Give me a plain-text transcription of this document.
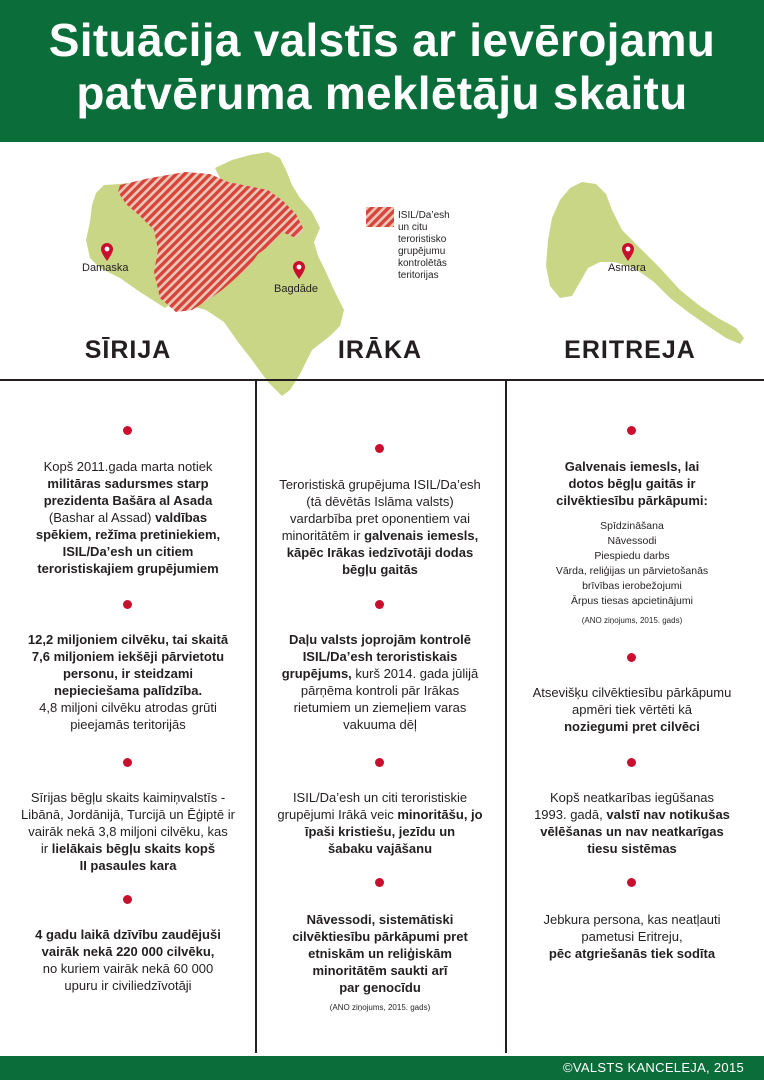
Situācija valstīs ar ievērojamu
patvēruma meklētāju skaitu
Damaska
Bagdāde
Asmara
ISIL/Da’esh
un citu
teroristisko
grupējumu
kontrolētās
teritorijas
SĪRIJA	IRĀKA	ERITREJA
Kopš 2011.gada marta notiek
militāras sadursmes starp
prezidenta Bašāra al Asada
(Bashar al Assad) valdības
spēkiem, režīma pretiniekiem,
ISIL/Da’esh un citiem
teroristiskajiem grupējumiem
12,2 miljoniem cilvēku, tai skaitā
7,6 miljoniem iekšēji pārvietotu
personu, ir steidzami
nepieciešama palīdzība.
4,8 miljoni cilvēku atrodas grūti
pieejamās teritorijās
Sīrijas bēgļu skaits kaimiņvalstīs -
Libānā, Jordānijā, Turcijā un Ēģiptē ir
vairāk nekā 3,8 miljoni cilvēku, kas
ir lielākais bēgļu skaits kopš
II pasaules kara
4 gadu laikā dzīvību zaudējuši
vairāk nekā 220 000 cilvēku,
no kuriem vairāk nekā 60 000
upuru ir civiliedzīvotāji
Teroristiskā grupējuma ISIL/Da’esh
(tā dēvētās Islāma valsts)
vardarbība pret oponentiem vai
minoritātēm ir galvenais iemesls,
kāpēc Irākas iedzīvotāji dodas
bēgļu gaitās
Daļu valsts joprojām kontrolē
ISIL/Da’esh teroristiskais
grupējums, kurš 2014. gada jūlijā
pārņēma kontroli pār Irākas
rietumiem un ziemeļiem varas
vakuuma dēļ
ISIL/Da’esh un citi teroristiskie
grupējumi Irākā veic minoritāšu, jo
īpaši kristiešu, jezīdu un
šabaku vajāšanu
Nāvessodi, sistemātiski
cilvēktiesību pārkāpumi pret
etniskām un reliģiskām
minoritātēm saukti arī
par genocīdu
(ANO ziņojums, 2015. gads)
Galvenais iemesls, lai
dotos bēgļu gaitās ir
cilvēktiesību pārkāpumi:
Spīdzināšana
Nāvessodi
Piespiedu darbs
Vārda, reliģijas un pārvietošanās
brīvības ierobežojumi
Ārpus tiesas apcietinājumi
(ANO ziņojums, 2015. gads)
Atsevišķu cilvēktiesību pārkāpumu
apmēri tiek vērtēti kā
noziegumi pret cilvēci
Kopš neatkarības iegūšanas
1993. gadā, valstī nav notikušas
vēlēšanas un nav neatkarīgas
tiesu sistēmas
Jebkura persona, kas neatļauti
pametusi Eritreju,
pēc atgriešanās tiek sodīta
©VALSTS KANCELEJA, 2015
